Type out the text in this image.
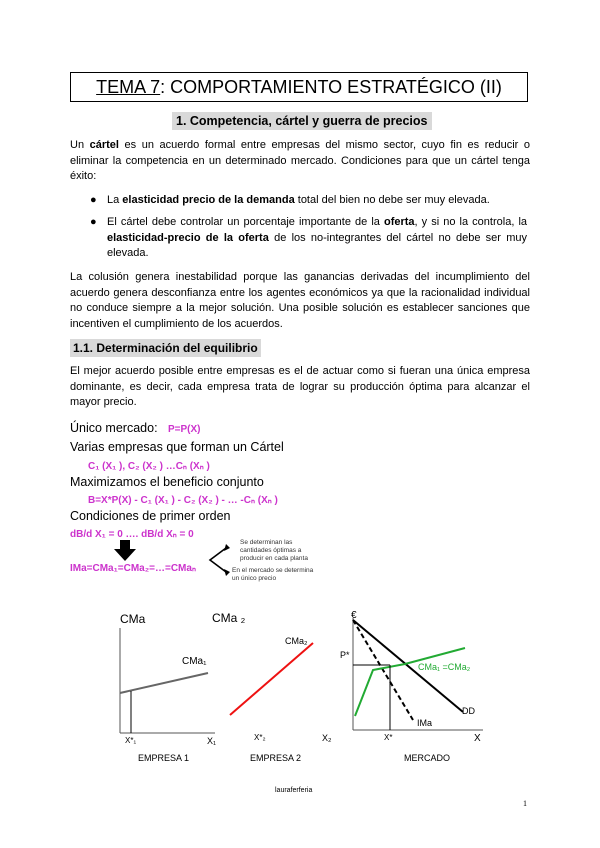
TEMA 7: COMPORTAMIENTO ESTRATÉGICO (II)
1. Competencia, cártel y guerra de precios
Un cártel es un acuerdo formal entre empresas del mismo sector, cuyo fin es reducir o eliminar la competencia en un determinado mercado. Condiciones para que un cártel tenga éxito:
● La elasticidad precio de la demanda total del bien no debe ser muy elevada.
● El cártel debe controlar un porcentaje importante de la oferta, y si no la controla, la elasticidad-precio de la oferta de los no-integrantes del cártel no debe ser muy elevada.
La colusión genera inestabilidad porque las ganancias derivadas del incumplimiento del acuerdo genera desconfianza entre los agentes económicos ya que la racionalidad individual no conduce siempre a la mejor solución. Una posible solución es establecer sanciones que incentiven el cumplimiento de los acuerdos.
1.1. Determinación del equilibrio
El mejor acuerdo posible entre empresas es el de actuar como si fueran una única empresa dominante, es decir, cada empresa trata de lograr su producción óptima para alcanzar el mayor precio.
Único mercado: P=P(X)
Varias empresas que forman un Cártel
C₁ (X₁ ), C₂ (X₂ ) …Cₙ (Xₙ )
Maximizamos el beneficio conjunto
B=X*P(X) - C₁ (X₁ ) - C₂ (X₂ ) - … -Cₙ (Xₙ )
Condiciones de primer orden
dB/d X₁ = 0 …. dB/d Xₙ = 0
IMa=CMa₁=CMa₂=…=CMaₙ
Se determinan las cantidades óptimas a producir en cada planta
En el mercado se determina un único precio
CMa
CMa₁
X*₁	X₁
EMPRESA 1
CMa ₂
CMa₂
X*₂	X₂
EMPRESA 2
€
P*
CMa₁ =CMa₂
IMa
DD
X*	X
MERCADO
lauraferferia
1
